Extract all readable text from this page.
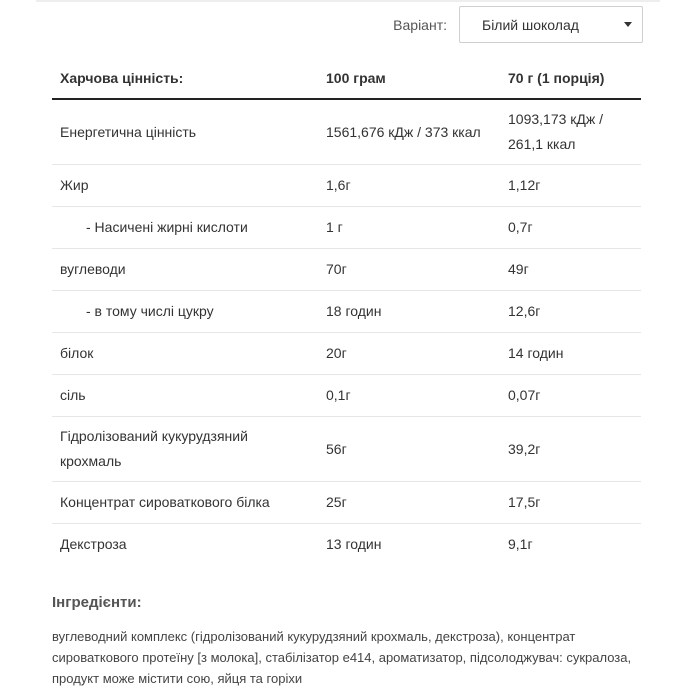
Варіант:	Білий шоколад
Харчова цінність:	100 грам	70 г (1 порція)
Енергетична цінність	1561,676 кДж / 373 ккал	1093,173 кДж / 261,1 ккал
Жир	1,6г	1,12г
- Насичені жирні кислоти	1 г	0,7г
вуглеводи	70г	49г
- в тому числі цукру	18 годин	12,6г
білок	20г	14 годин
сіль	0,1г	0,07г
Гідролізований кукурудзяний крохмаль	56г	39,2г
Концентрат сироваткового білка	25г	17,5г
Декстроза	13 годин	9,1г
Інгредієнти:
вуглеводний комплекс (гідролізований кукурудзяний крохмаль, декстроза), концентрат сироваткового протеїну [з молока], стабілізатор е414, ароматизатор, підсолоджувач: сукралоза, продукт може містити сою, яйця та горіхи
